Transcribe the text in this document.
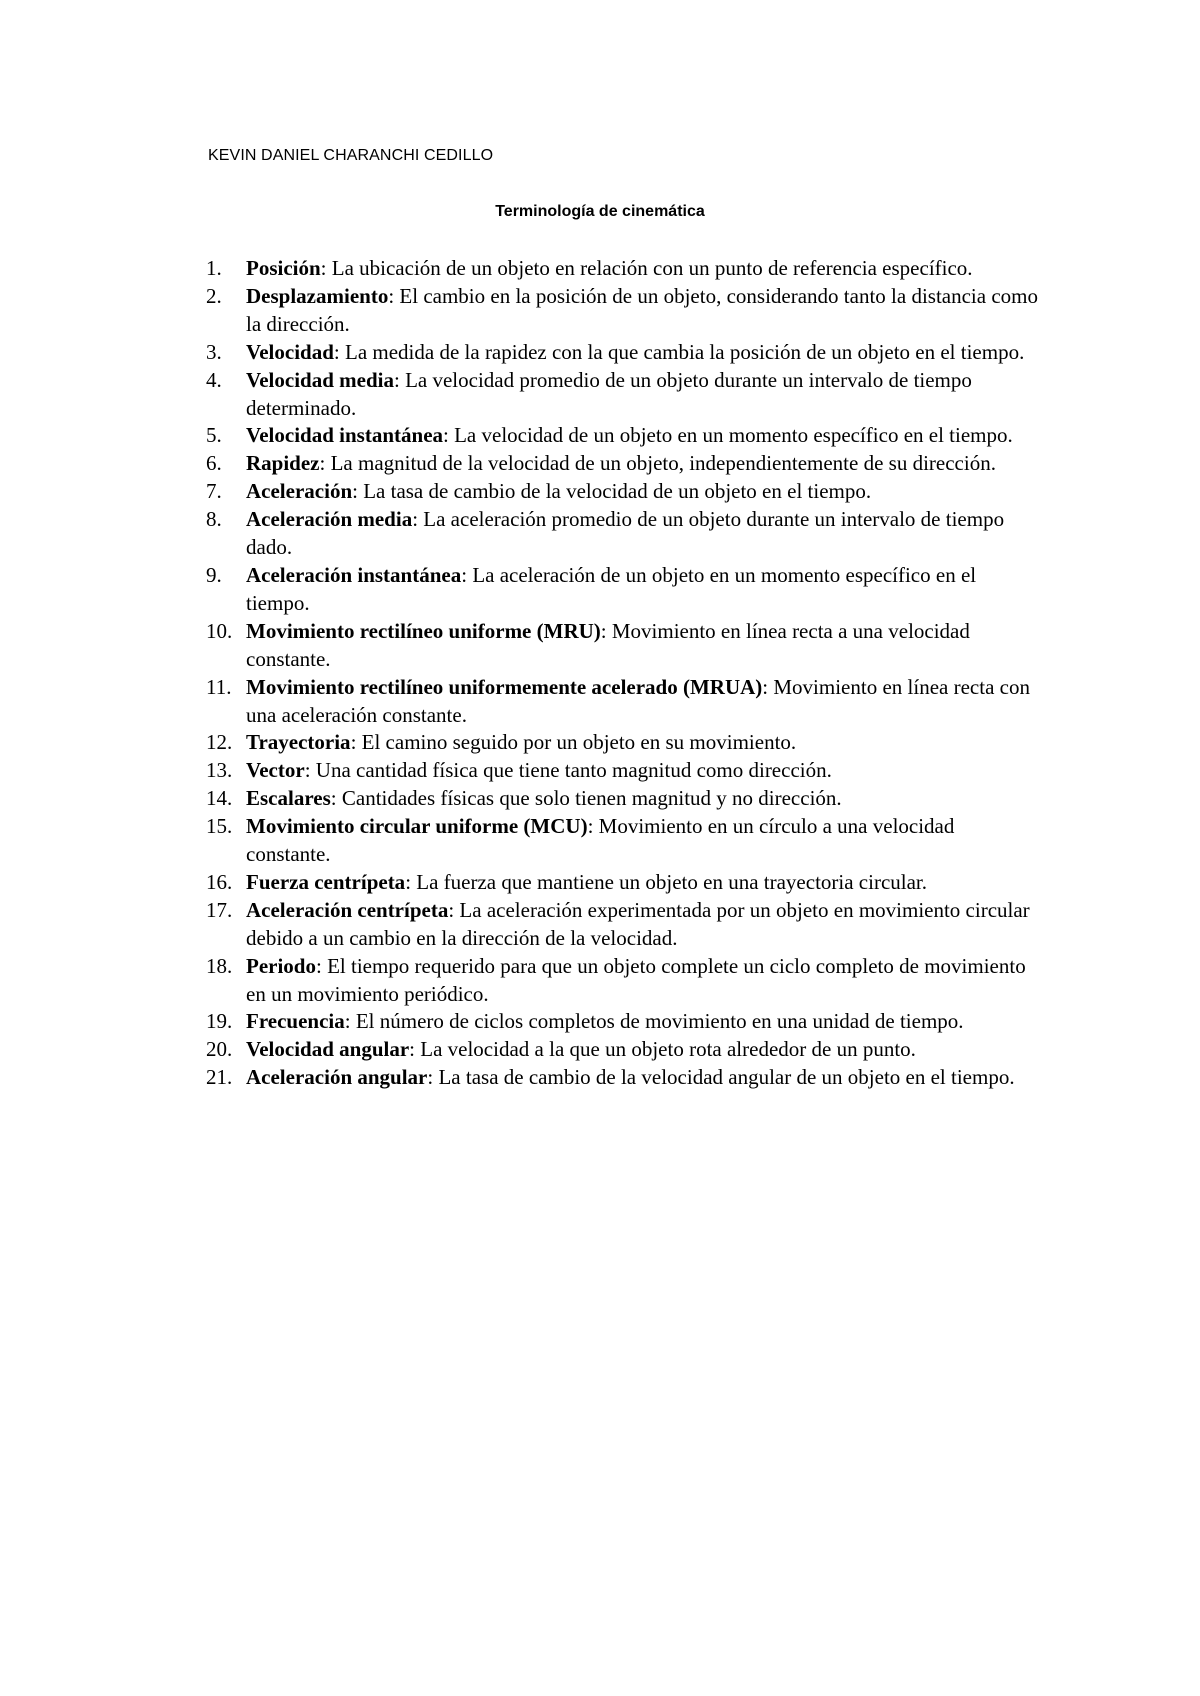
KEVIN DANIEL CHARANCHI CEDILLO
Terminología de cinemática
1.	Posición: La ubicación de un objeto en relación con un punto de referencia específico.
2.	Desplazamiento: El cambio en la posición de un objeto, considerando tanto la distancia como la dirección.
3.	Velocidad: La medida de la rapidez con la que cambia la posición de un objeto en el tiempo.
4.	Velocidad media: La velocidad promedio de un objeto durante un intervalo de tiempo determinado.
5.	Velocidad instantánea: La velocidad de un objeto en un momento específico en el tiempo.
6.	Rapidez: La magnitud de la velocidad de un objeto, independientemente de su dirección.
7.	Aceleración: La tasa de cambio de la velocidad de un objeto en el tiempo.
8.	Aceleración media: La aceleración promedio de un objeto durante un intervalo de tiempo dado.
9.	Aceleración instantánea: La aceleración de un objeto en un momento específico en el tiempo.
10. Movimiento rectilíneo uniforme (MRU): Movimiento en línea recta a una velocidad constante.
11. Movimiento rectilíneo uniformemente acelerado (MRUA): Movimiento en línea recta con una aceleración constante.
12. Trayectoria: El camino seguido por un objeto en su movimiento.
13. Vector: Una cantidad física que tiene tanto magnitud como dirección.
14. Escalares: Cantidades físicas que solo tienen magnitud y no dirección.
15. Movimiento circular uniforme (MCU): Movimiento en un círculo a una velocidad constante.
16. Fuerza centrípeta: La fuerza que mantiene un objeto en una trayectoria circular.
17. Aceleración centrípeta: La aceleración experimentada por un objeto en movimiento circular debido a un cambio en la dirección de la velocidad.
18. Periodo: El tiempo requerido para que un objeto complete un ciclo completo de movimiento en un movimiento periódico.
19. Frecuencia: El número de ciclos completos de movimiento en una unidad de tiempo.
20. Velocidad angular: La velocidad a la que un objeto rota alrededor de un punto.
21. Aceleración angular: La tasa de cambio de la velocidad angular de un objeto en el tiempo.
